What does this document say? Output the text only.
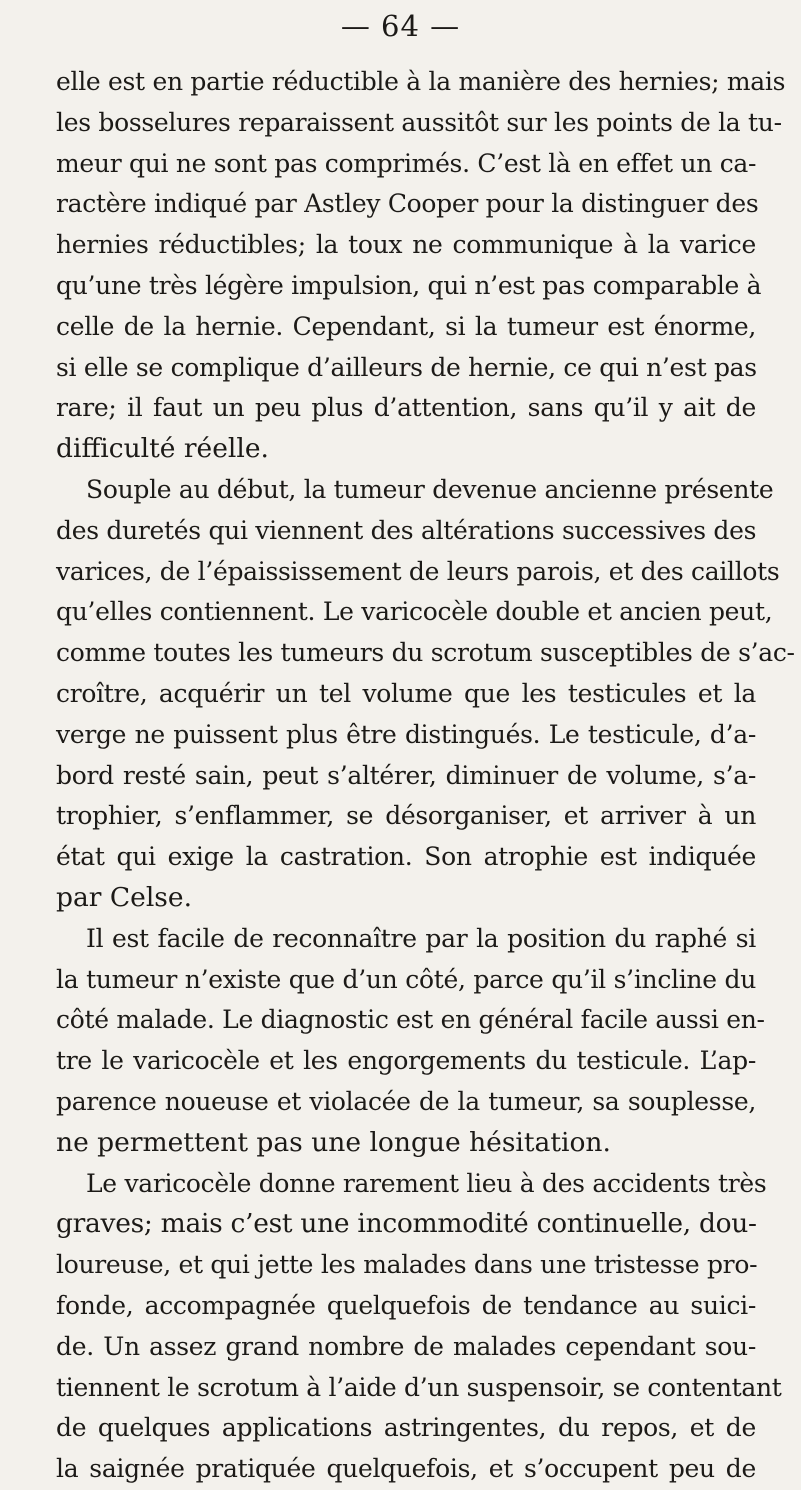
— 64 —
elle est en partie réductible à la manière des hernies; mais
les bosselures reparaissent aussitôt sur les points de la tu-
meur qui ne sont pas comprimés. C’est là en effet un ca-
ractère indiqué par Astley Cooper pour la distinguer des
hernies réductibles; la toux ne communique à la varice
qu’une très légère impulsion, qui n’est pas comparable à
celle de la hernie. Cependant, si la tumeur est énorme,
si elle se complique d’ailleurs de hernie, ce qui n’est pas
rare; il faut un peu plus d’attention, sans qu’il y ait de
difficulté réelle.
Souple au début, la tumeur devenue ancienne présente
des duretés qui viennent des altérations successives des
varices, de l’épaississement de leurs parois, et des caillots
qu’elles contiennent. Le varicocèle double et ancien peut,
comme toutes les tumeurs du scrotum susceptibles de s’ac-
croître, acquérir un tel volume que les testicules et la
verge ne puissent plus être distingués. Le testicule, d’a-
bord resté sain, peut s’altérer, diminuer de volume, s’a-
trophier, s’enflammer, se désorganiser, et arriver à un
état qui exige la castration. Son atrophie est indiquée
par Celse.
Il est facile de reconnaître par la position du raphé si
la tumeur n’existe que d’un côté, parce qu’il s’incline du
côté malade. Le diagnostic est en général facile aussi en-
tre le varicocèle et les engorgements du testicule. L’ap-
parence noueuse et violacée de la tumeur, sa souplesse,
ne permettent pas une longue hésitation.
Le varicocèle donne rarement lieu à des accidents très
graves; mais c’est une incommodité continuelle, dou-
loureuse, et qui jette les malades dans une tristesse pro-
fonde, accompagnée quelquefois de tendance au suici-
de. Un assez grand nombre de malades cependant sou-
tiennent le scrotum à l’aide d’un suspensoir, se contentant
de quelques applications astringentes, du repos, et de
la saignée pratiquée quelquefois, et s’occupent peu de
